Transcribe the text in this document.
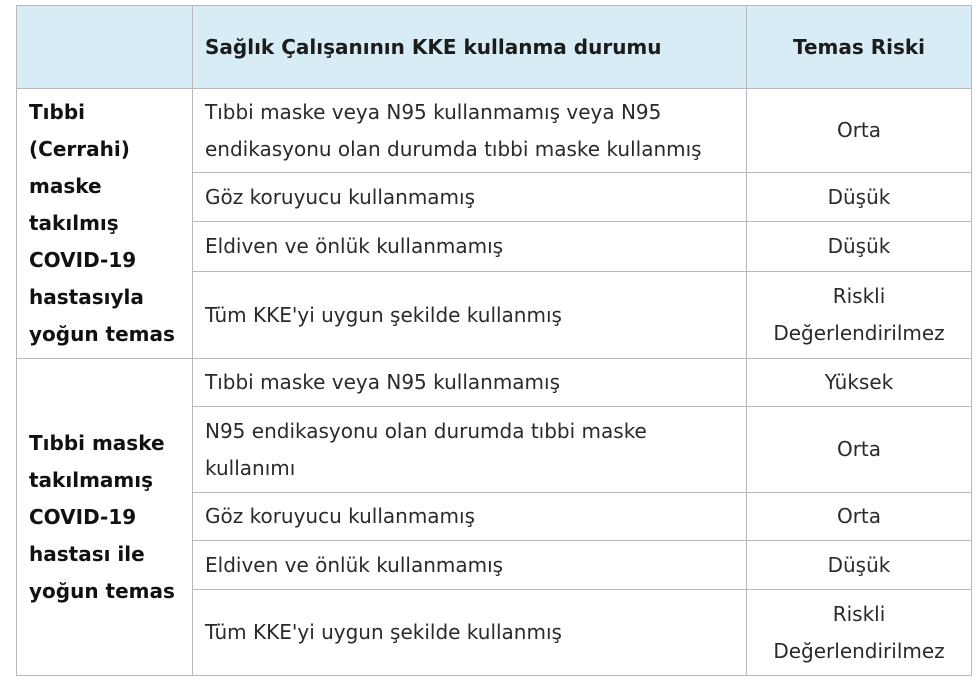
	Sağlık Çalışanının KKE kullanma durumu	Temas Riski
Tıbbi (Cerrahi) maske takılmış COVID-19 hastasıyla yoğun temas	Tıbbi maske veya N95 kullanmamış veya N95 endikasyonu olan durumda tıbbi maske kullanmış	Orta
	Göz koruyucu kullanmamış	Düşük
	Eldiven ve önlük kullanmamış	Düşük
	Tüm KKE'yi uygun şekilde kullanmış	Riskli Değerlendirilmez
Tıbbi maske takılmamış COVID-19 hastası ile yoğun temas	Tıbbi maske veya N95 kullanmamış	Yüksek
	N95 endikasyonu olan durumda tıbbi maske kullanımı	Orta
	Göz koruyucu kullanmamış	Orta
	Eldiven ve önlük kullanmamış	Düşük
	Tüm KKE'yi uygun şekilde kullanmış	Riskli Değerlendirilmez
